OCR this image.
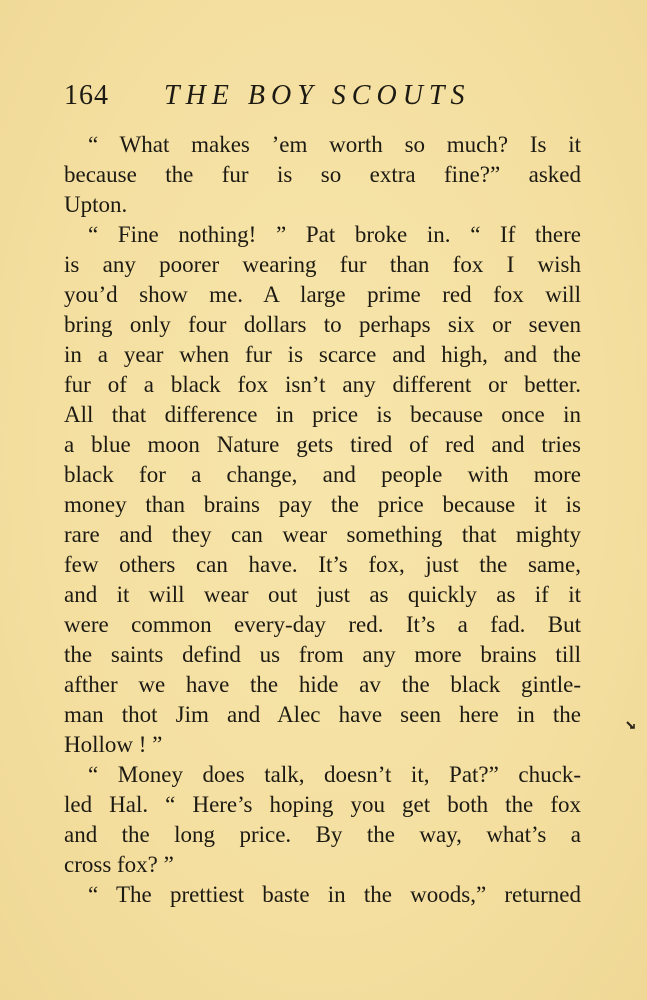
164 THE BOY SCOUTS
“ What makes ’em worth so much? Is it
because the fur is so extra fine?” asked
Upton.
“ Fine nothing! ” Pat broke in. “ If there
is any poorer wearing fur than fox I wish
you’d show me. A large prime red fox will
bring only four dollars to perhaps six or seven
in a year when fur is scarce and high, and the
fur of a black fox isn’t any different or better.
All that difference in price is because once in
a blue moon Nature gets tired of red and tries
black for a change, and people with more
money than brains pay the price because it is
rare and they can wear something that mighty
few others can have. It’s fox, just the same,
and it will wear out just as quickly as if it
were common every-day red. It’s a fad. But
the saints defind us from any more brains till
afther we have the hide av the black gintle-
man thot Jim and Alec have seen here in the
Hollow ! ”
“ Money does talk, doesn’t it, Pat?” chuck-
led Hal. “ Here’s hoping you get both the fox
and the long price. By the way, what’s a
cross fox? ”
“ The prettiest baste in the woods,” returned
